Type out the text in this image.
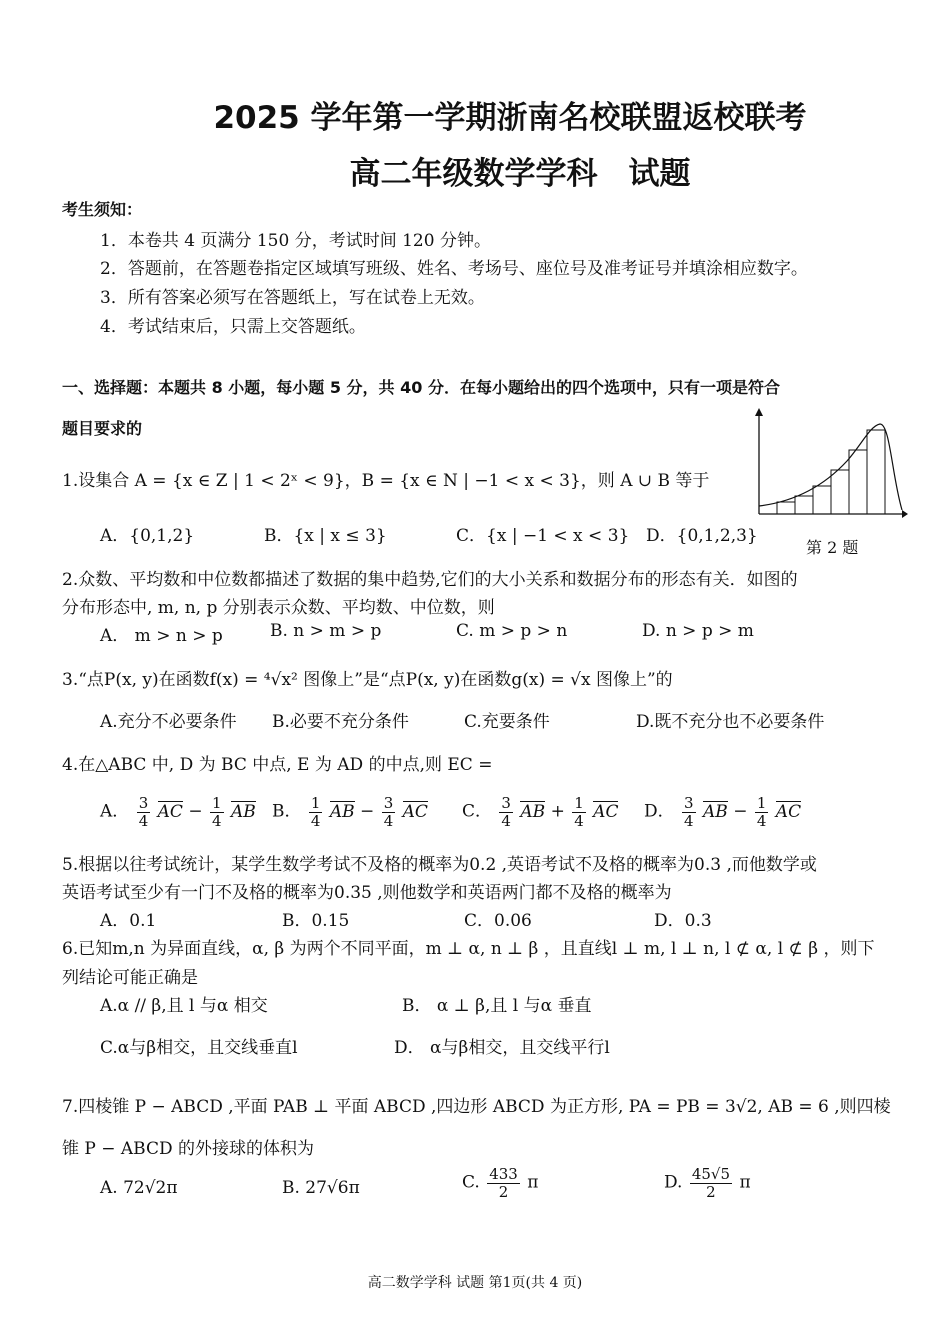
2025 学年第一学期浙南名校联盟返校联考
高二年级数学学科　试题
考生须知：
1．本卷共 4 页满分 150 分，考试时间 120 分钟。
2．答题前，在答题卷指定区域填写班级、姓名、考场号、座位号及准考证号并填涂相应数字。
3．所有答案必须写在答题纸上，写在试卷上无效。
4．考试结束后，只需上交答题纸。
一、选择题：本题共 8 小题，每小题 5 分，共 40 分．在每小题给出的四个选项中，只有一项是符合
题目要求的
第 2 题
1.设集合 A = {x ∈ Z | 1 < 2ˣ < 9}，B = {x ∈ N | −1 < x < 3}，则 A ∪ B 等于
A．{0,1,2}	B．{x | x ≤ 3}	C．{x | −1 < x < 3} D．{0,1,2,3}
2.众数、平均数和中位数都描述了数据的集中趋势,它们的大小关系和数据分布的形态有关．如图的
分布形态中, m, n, p 分别表示众数、平均数、中位数，则
A． m > n > p	B. n > m > p	C. m > p > n	D. n > p > m
3.“点P(x, y)在函数f(x) = ⁴√x² 图像上”是“点P(x, y)在函数g(x) = √x 图像上”的
A.充分不必要条件 B.必要不充分条件	C.充要条件	D.既不充分也不必要条件
4.在△ABC 中, D 为 BC 中点, E 为 AD 的中点,则 EC =
A． $\frac{3}{4}$ AC − $\frac{1}{4}$ AB B． $\frac{1}{4}$ AB − $\frac{3}{4}$ AC C． $\frac{3}{4}$ AB + $\frac{1}{4}$ AC D． $\frac{3}{4}$ AB − $\frac{1}{4}$ AC
5.根据以往考试统计，某学生数学考试不及格的概率为0.2 ,英语考试不及格的概率为0.3 ,而他数学或
英语考试至少有一门不及格的概率为0.35 ,则他数学和英语两门都不及格的概率为
A．0.1	B．0.15	C．0.06	D．0.3
6.已知m,n 为异面直线，α, β 为两个不同平面，m ⊥ α, n ⊥ β ，且直线l ⊥ m, l ⊥ n, l ⊄ α, l ⊄ β ，则下
列结论可能正确是
A.α // β,且 l 与α 相交	B． α ⊥ β,且 l 与α 垂直
C.α与β相交，且交线垂直l	D． α与β相交，且交线平行l
7.四棱锥 P − ABCD ,平面 PAB ⊥ 平面 ABCD ,四边形 ABCD 为正方形, PA = PB = 3√2, AB = 6 ,则四棱
锥 P − ABCD 的外接球的体积为
A. 72√2π	B. 27√6π	C. $\frac{433}{2}$ π	D. $\frac{45√5}{2}$ π
高二数学学科 试题 第1页(共 4 页)
